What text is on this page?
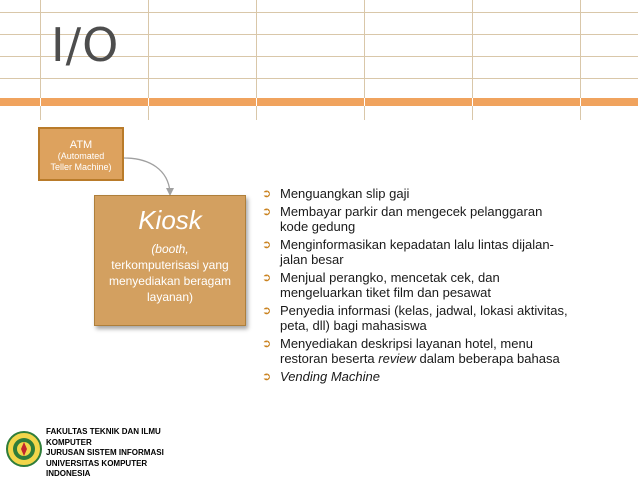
I/O
ATM
(Automated
Teller Machine)
Kiosk
(booth,
terkomputerisasi yang
menyediakan beragam
layanan)
➲ Menguangkan slip gaji
➲ Membayar parkir dan mengecek pelanggaran
kode gedung
➲ Menginformasikan kepadatan lalu lintas dijalan-
jalan besar
➲ Menjual perangko, mencetak cek, dan
mengeluarkan tiket film dan pesawat
➲ Penyedia informasi (kelas, jadwal, lokasi aktivitas,
peta, dll) bagi mahasiswa
➲ Menyediakan deskripsi layanan hotel, menu
restoran beserta review dalam beberapa bahasa
➲ Vending Machine
FAKULTAS TEKNIK DAN ILMU
KOMPUTER
JURUSAN SISTEM INFORMASI
UNIVERSITAS KOMPUTER
INDONESIA
